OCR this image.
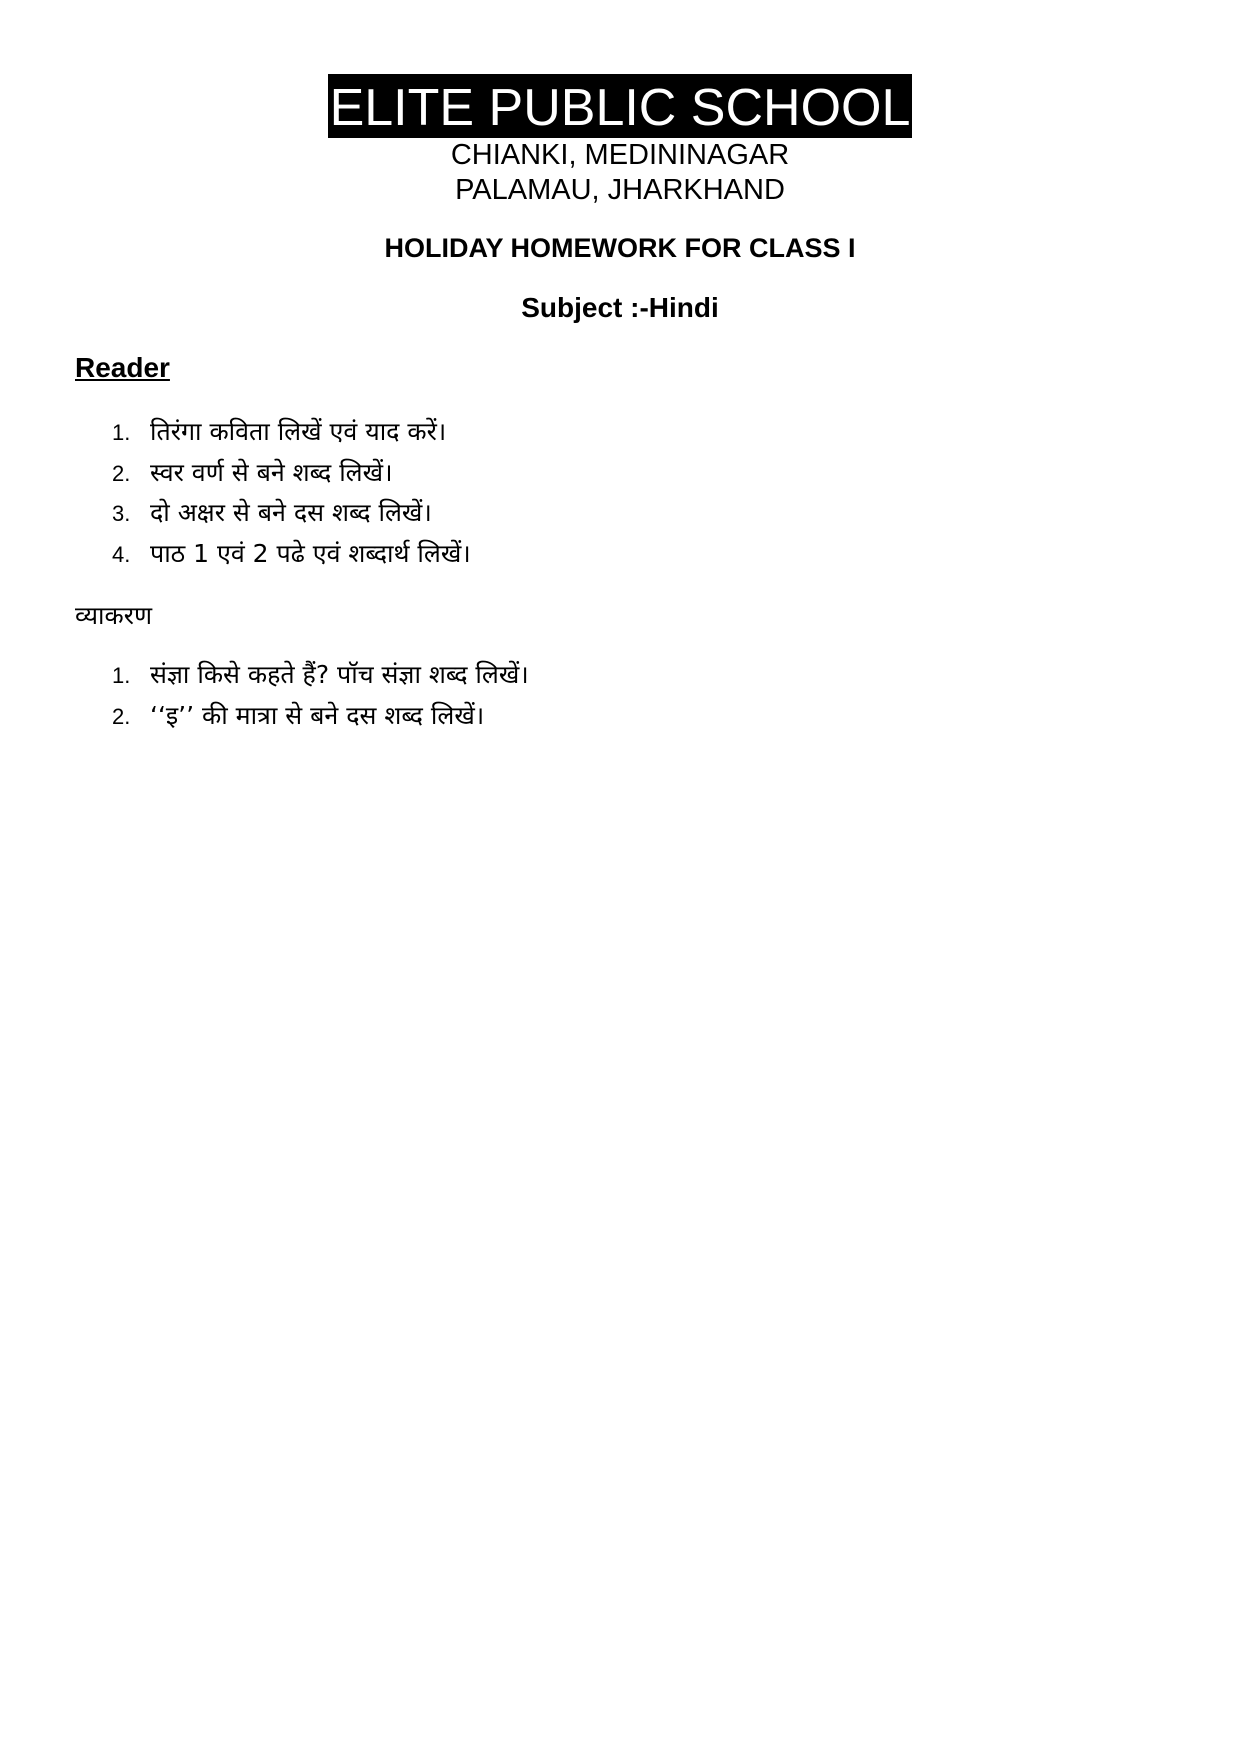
ELITE PUBLIC SCHOOL
CHIANKI, MEDININAGAR
PALAMAU, JHARKHAND
HOLIDAY HOMEWORK FOR CLASS I
Subject :-Hindi
Reader
1. तिरंगा कविता लिखें एवं याद करें।
2. स्वर वर्ण से बने शब्द लिखें।
3. दो अक्षर से बने दस शब्द लिखें।
4. पाठ 1 एवं 2 पढे एवं शब्दार्थ लिखें।
व्याकरण
1. संज्ञा किसे कहते हैं? पॉच संज्ञा शब्द लिखें।
2. ‘‘इ’’ की मात्रा से बने दस शब्द लिखें।
